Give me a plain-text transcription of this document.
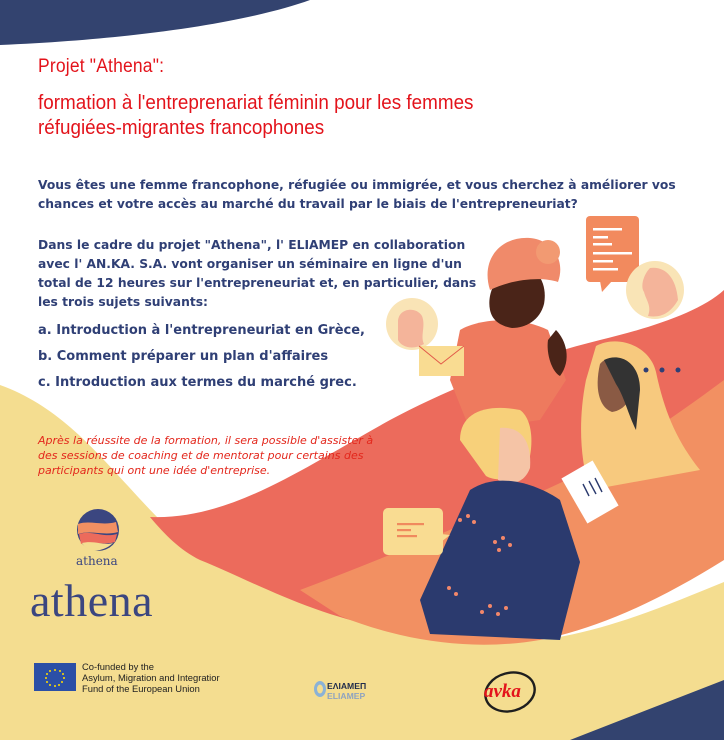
Projet "Athena":
formation à l'entreprenariat féminin pour les femmes
réfugiées-migrantes francophones
Vous êtes une femme francophone, réfugiée ou immigrée, et vous cherchez à améliorer vos
chances et votre accès au marché du travail par le biais de l'entrepreneuriat?
Dans le cadre du projet "Athena", l' ELIAMEP en collaboration
avec l' AN.KA. S.A. vont organiser un séminaire en ligne d'un
total de 12 heures sur l'entrepreneuriat et, en particulier, dans
les trois sujets suivants:
a. Introduction à l'entrepreneuriat en Grèce,
b. Comment préparer un plan d'affaires
c. Introduction aux termes du marché grec.
Après la réussite de la formation, il sera possible d'assister à
des sessions de coaching et de mentorat pour certains des
participants qui ont une idée d'entreprise.
athena
athena
Co-funded by the
Asylum, Migration and Integratior
Fund of the European Union	ΕΛΙΑΜΕΠ
ELIAMEP	avka
